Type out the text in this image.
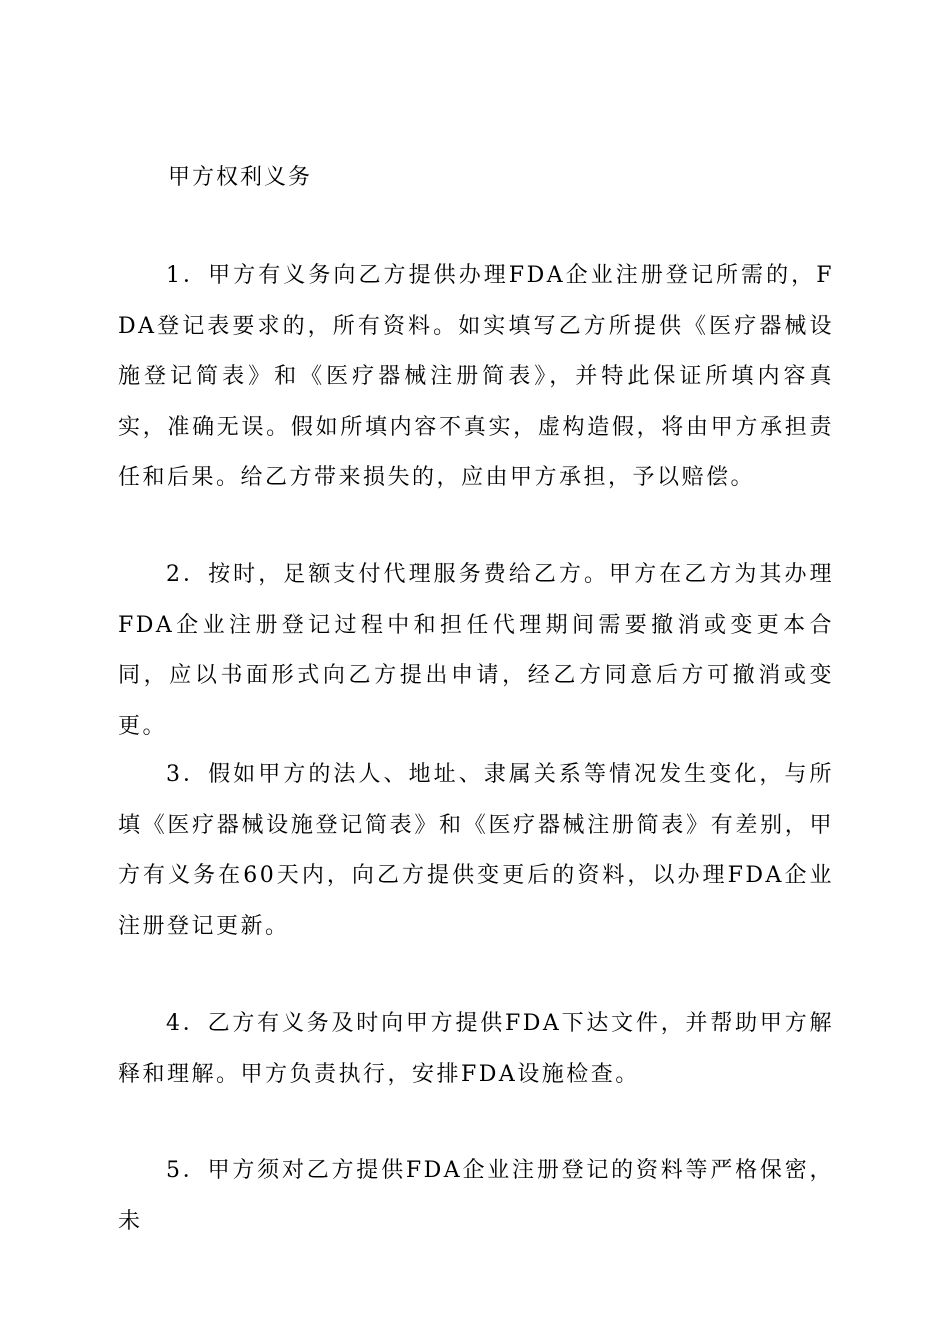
甲方权利义务

1．甲方有义务向乙方提供办理FDA企业注册登记所需的，FDA登记表要求的，所有资料。如实填写乙方所提供《医疗器械设施登记简表》和《医疗器械注册简表》，并特此保证所填内容真实，准确无误。假如所填内容不真实，虚构造假，将由甲方承担责任和后果。给乙方带来损失的，应由甲方承担，予以赔偿。

2．按时，足额支付代理服务费给乙方。甲方在乙方为其办理FDA企业注册登记过程中和担任代理期间需要撤消或变更本合同，应以书面形式向乙方提出申请，经乙方同意后方可撤消或变更。

3．假如甲方的法人、地址、隶属关系等情况发生变化，与所填《医疗器械设施登记简表》和《医疗器械注册简表》有差别，甲方有义务在60天内，向乙方提供变更后的资料，以办理FDA企业注册登记更新。

4．乙方有义务及时向甲方提供FDA下达文件，并帮助甲方解释和理解。甲方负责执行，安排FDA设施检查。

5．甲方须对乙方提供FDA企业注册登记的资料等严格保密，未
